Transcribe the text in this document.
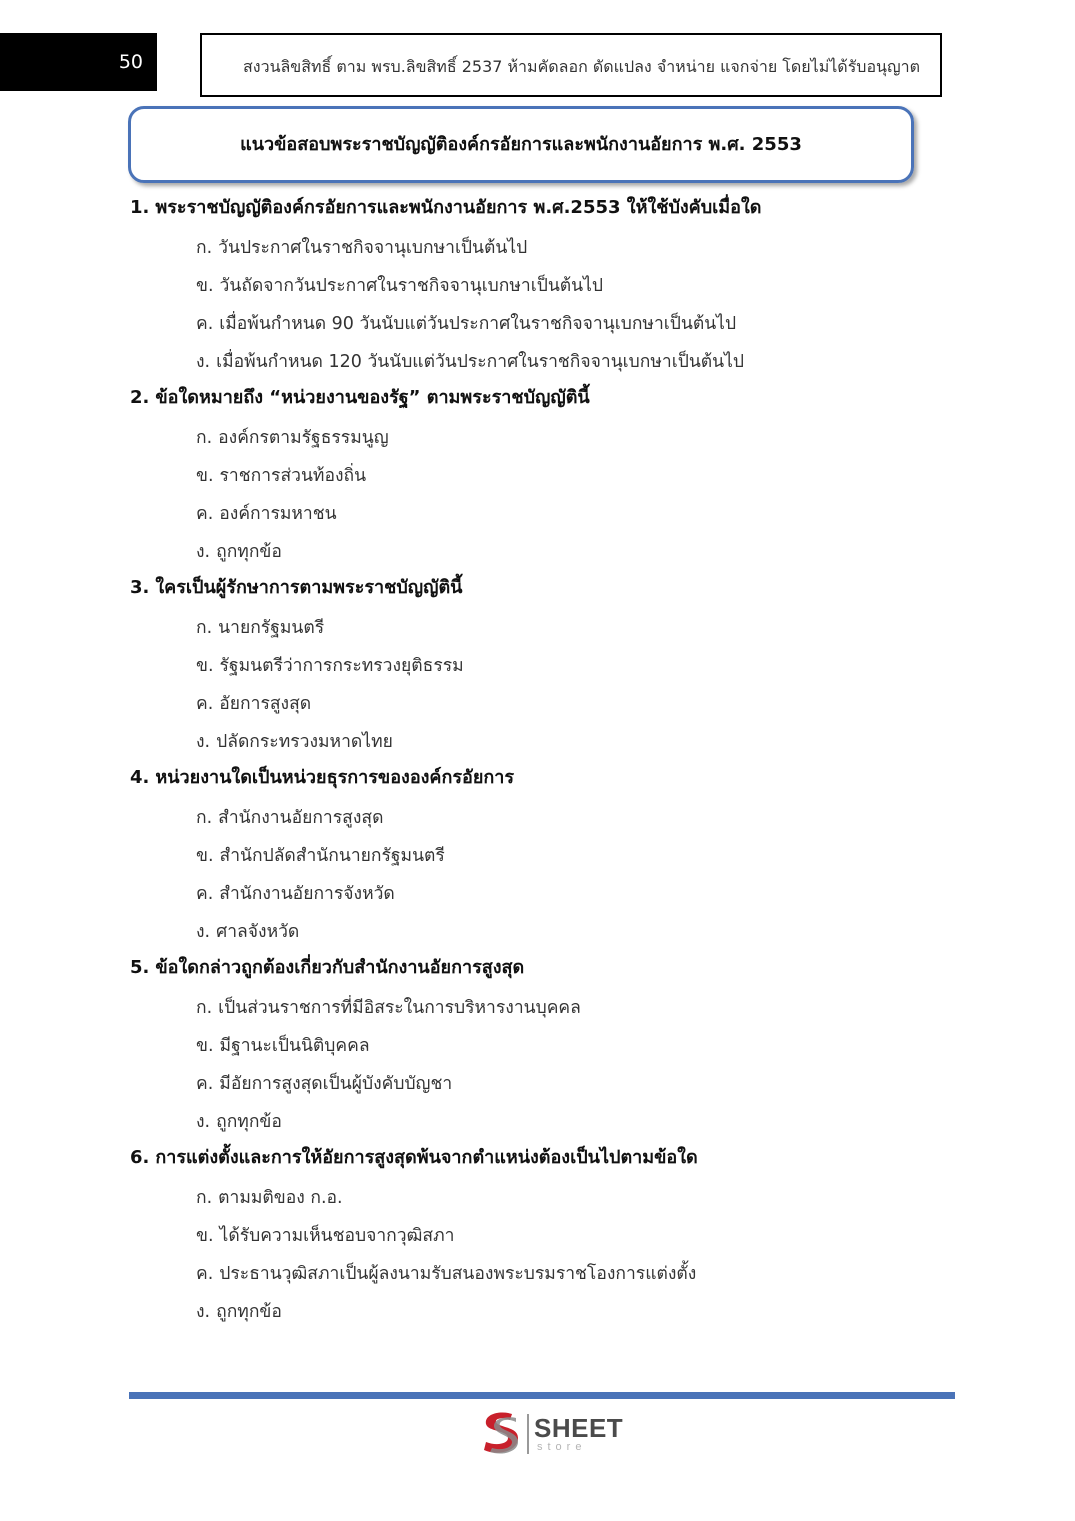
50	สงวนลิขสิทธิ์ ตาม พรบ.ลิขสิทธิ์ 2537 ห้ามคัดลอก ดัดแปลง จำหน่าย แจกจ่าย โดยไม่ได้รับอนุญาต
แนวข้อสอบพระราชบัญญัติองค์กรอัยการและพนักงานอัยการ พ.ศ. 2553
1. พระราชบัญญัติองค์กรอัยการและพนักงานอัยการ พ.ศ.2553 ให้ใช้บังคับเมื่อใด
ก. วันประกาศในราชกิจจานุเบกษาเป็นต้นไป
ข. วันถัดจากวันประกาศในราชกิจจานุเบกษาเป็นต้นไป
ค. เมื่อพ้นกำหนด 90 วันนับแต่วันประกาศในราชกิจจานุเบกษาเป็นต้นไป
ง. เมื่อพ้นกำหนด 120 วันนับแต่วันประกาศในราชกิจจานุเบกษาเป็นต้นไป
2. ข้อใดหมายถึง “หน่วยงานของรัฐ” ตามพระราชบัญญัตินี้
ก. องค์กรตามรัฐธรรมนูญ
ข. ราชการส่วนท้องถิ่น
ค. องค์การมหาชน
ง. ถูกทุกข้อ
3. ใครเป็นผู้รักษาการตามพระราชบัญญัตินี้
ก. นายกรัฐมนตรี
ข. รัฐมนตรีว่าการกระทรวงยุติธรรม
ค. อัยการสูงสุด
ง. ปลัดกระทรวงมหาดไทย
4. หน่วยงานใดเป็นหน่วยธุรการขององค์กรอัยการ
ก. สำนักงานอัยการสูงสุด
ข. สำนักปลัดสำนักนายกรัฐมนตรี
ค. สำนักงานอัยการจังหวัด
ง. ศาลจังหวัด
5. ข้อใดกล่าวถูกต้องเกี่ยวกับสำนักงานอัยการสูงสุด
ก. เป็นส่วนราชการที่มีอิสระในการบริหารงานบุคคล
ข. มีฐานะเป็นนิติบุคคล
ค. มีอัยการสูงสุดเป็นผู้บังคับบัญชา
ง. ถูกทุกข้อ
6. การแต่งตั้งและการให้อัยการสูงสุดพ้นจากตำแหน่งต้องเป็นไปตามข้อใด
ก. ตามมติของ ก.อ.
ข. ได้รับความเห็นชอบจากวุฒิสภา
ค. ประธานวุฒิสภาเป็นผู้ลงนามรับสนองพระบรมราชโองการแต่งตั้ง
ง. ถูกทุกข้อ
SHEET
store
